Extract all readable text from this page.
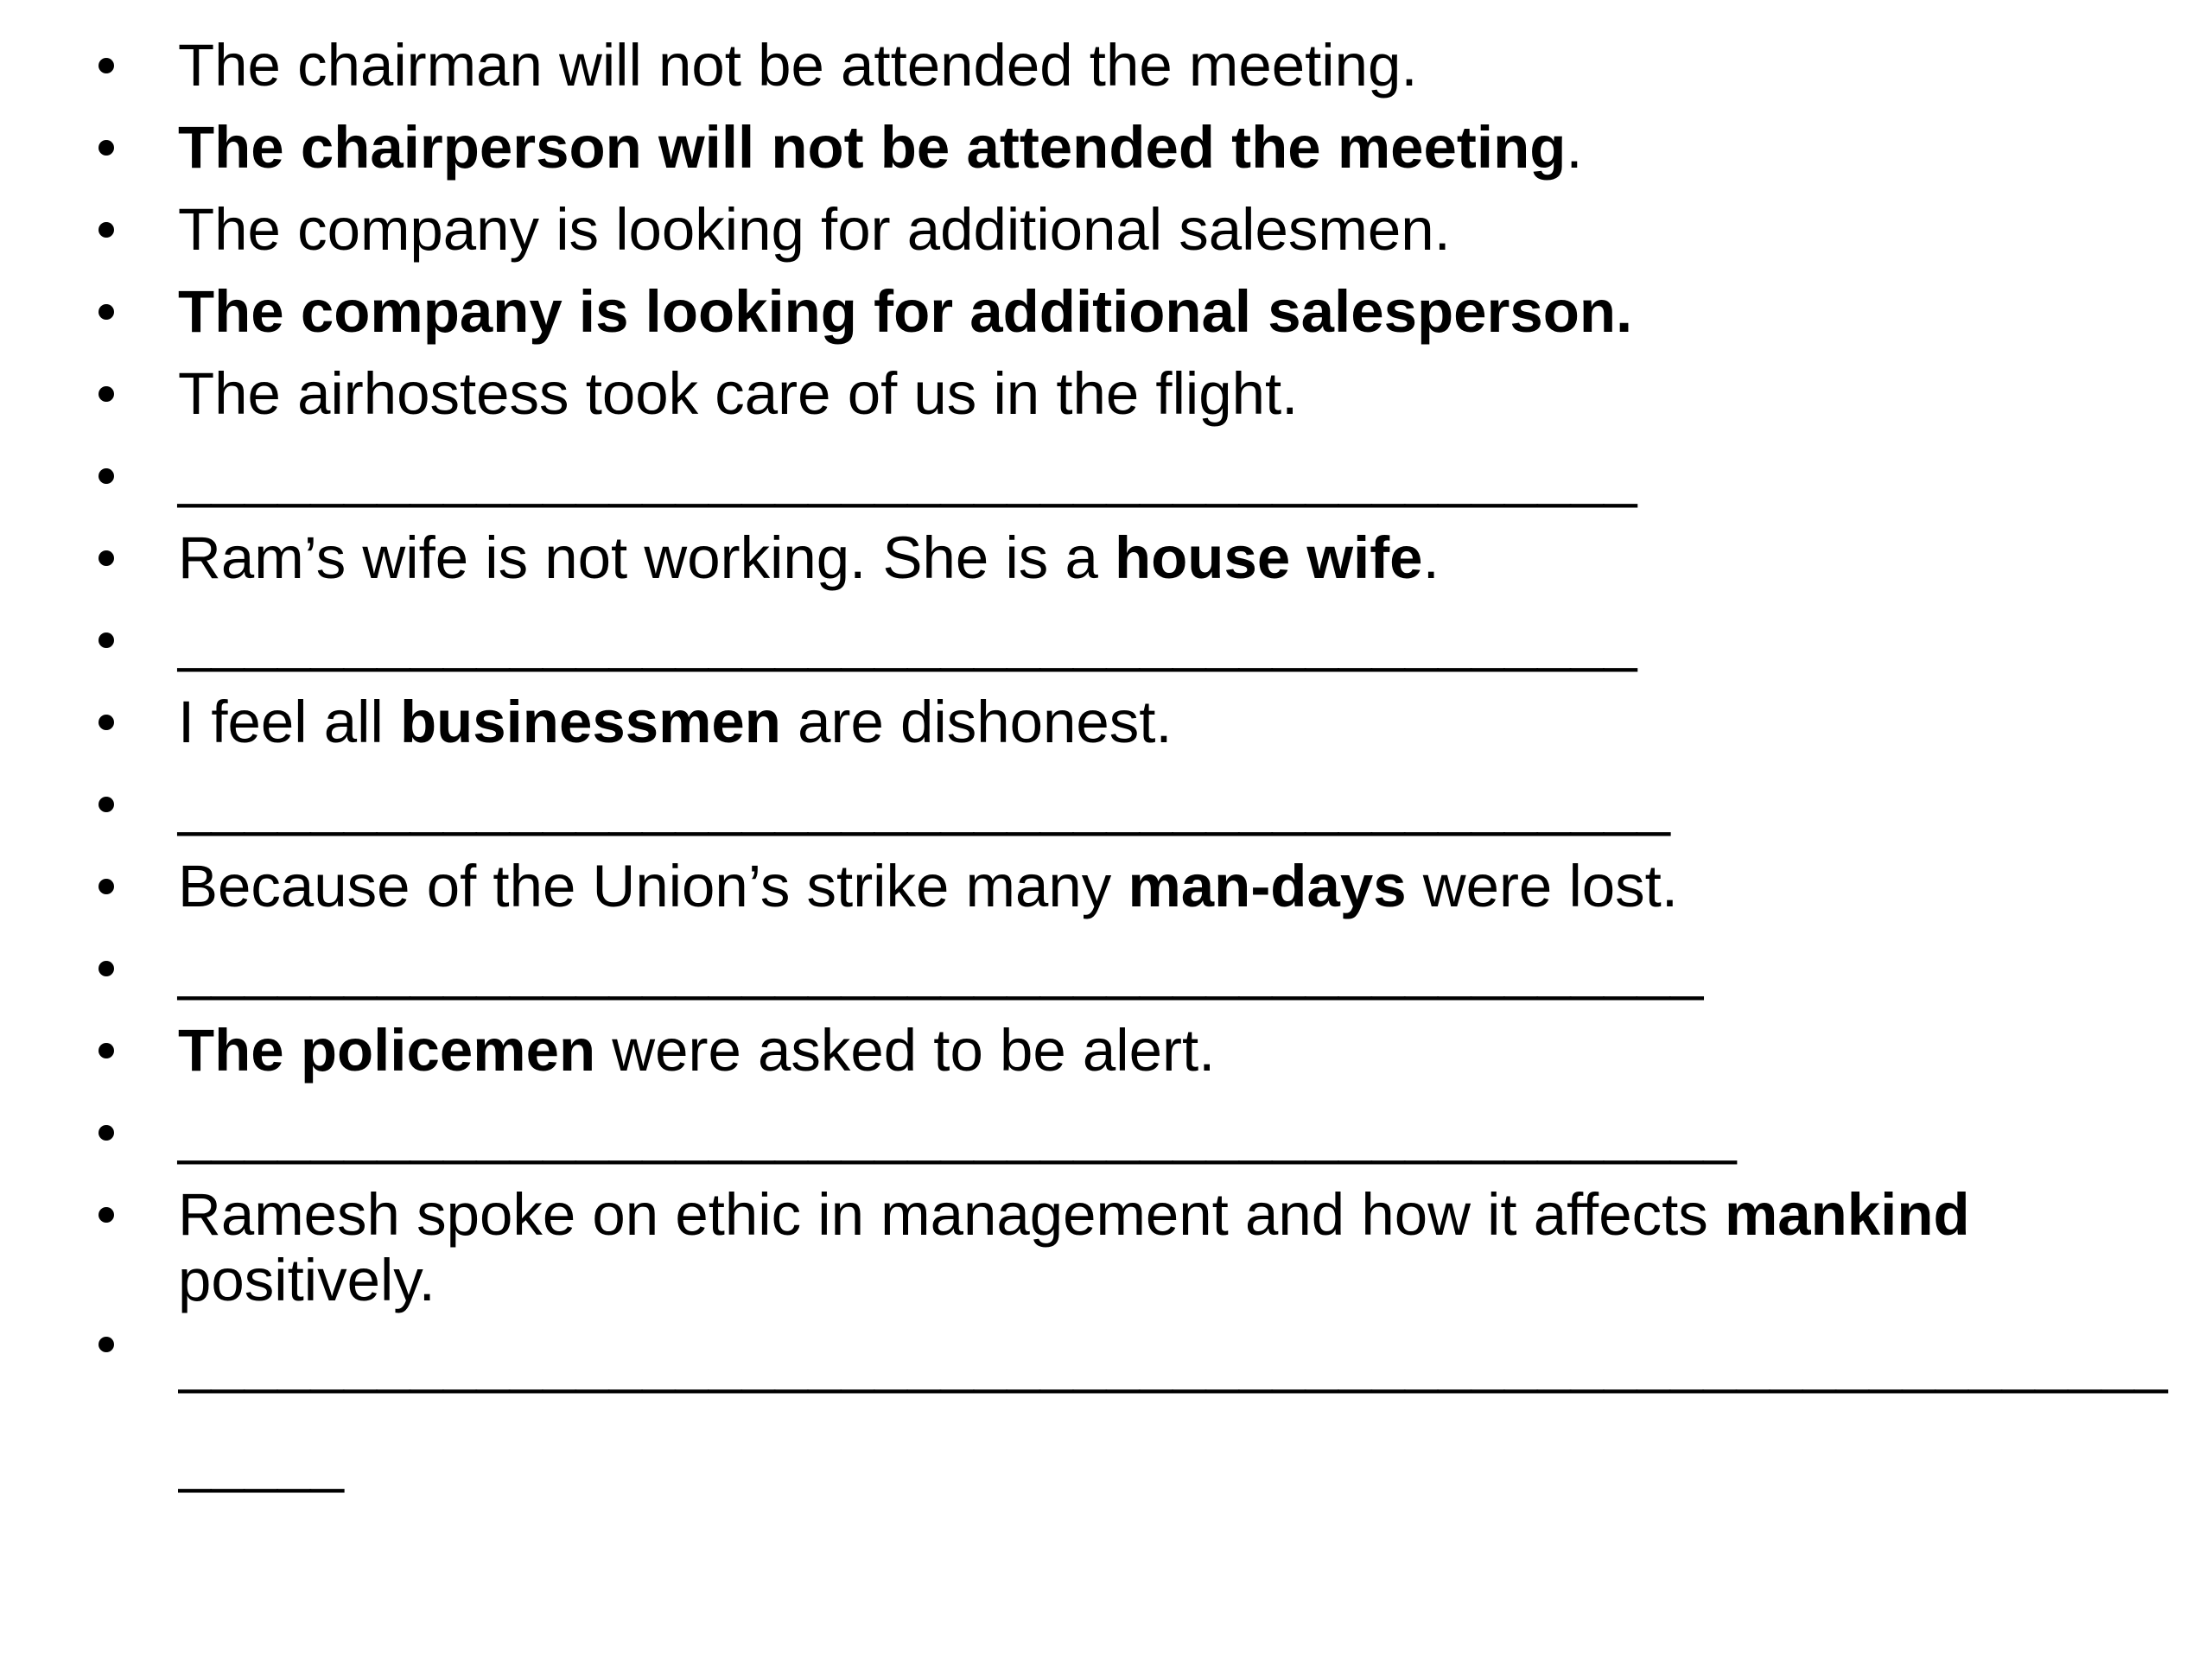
The chairman will not be attended the meeting.
The chairperson will not be attended the meeting.
The company is looking for additional salesmen.
The company is looking for additional salesperson.
The airhostess took care of us in the flight.
____________________________________________
Ram’s wife is not working. She is a house wife.
____________________________________________
I feel all businessmen are dishonest.
_____________________________________________
Because of the Union’s strike many man-days were lost.
______________________________________________
The policemen were asked to be alert.
_______________________________________________
Ramesh spoke on ethic in management and how it affects mankind positively.
_________________________________________________________________
